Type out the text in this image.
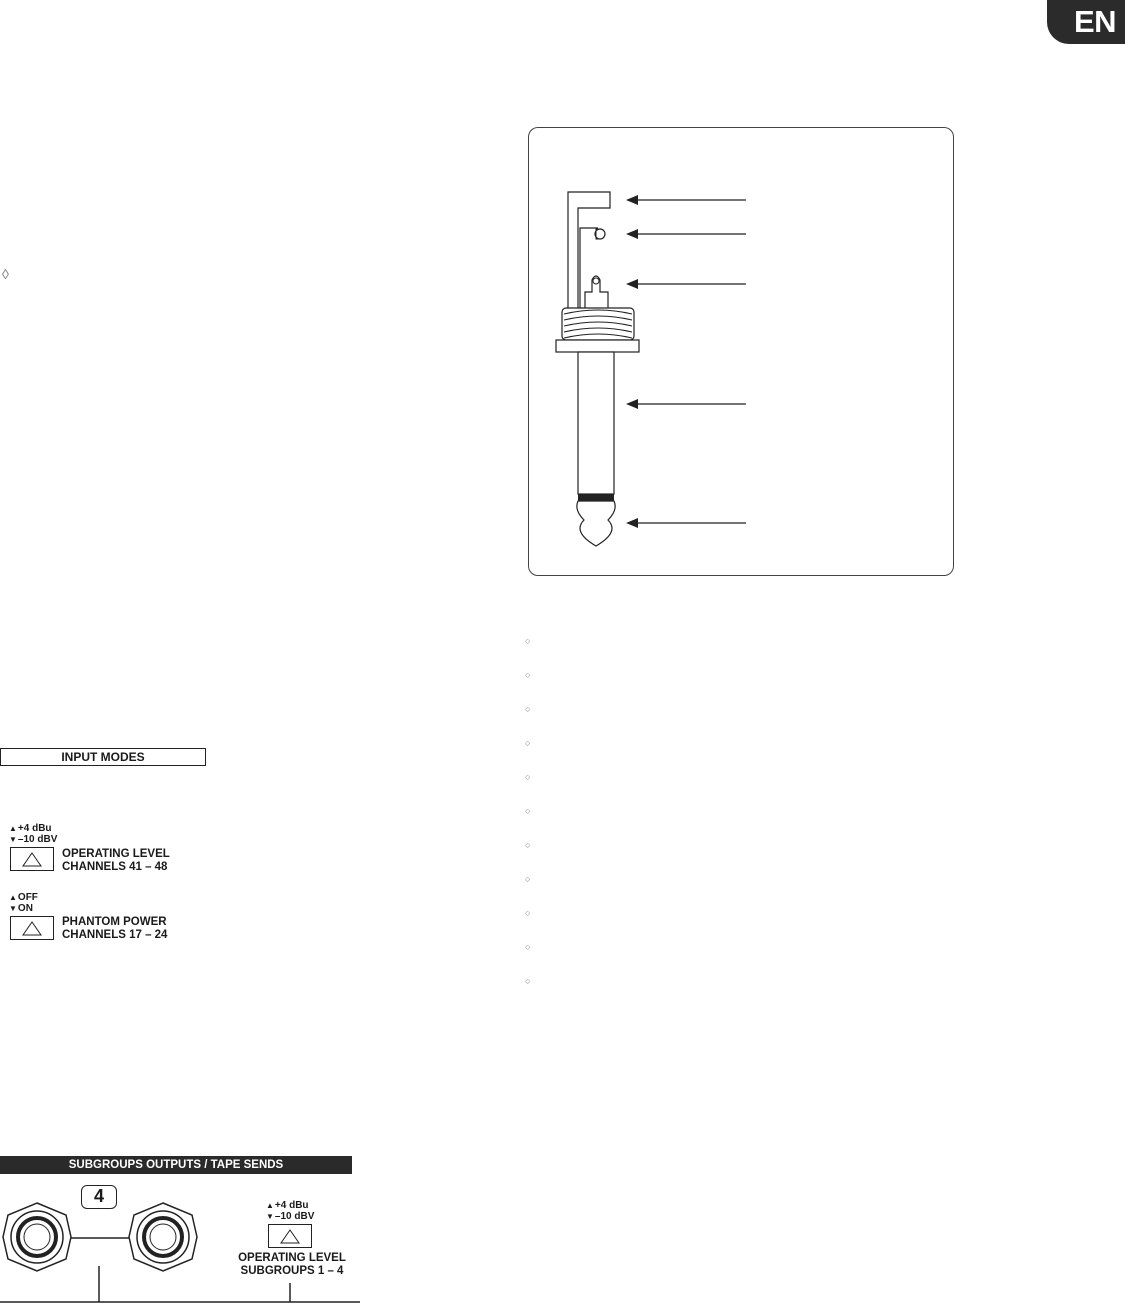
EN
◊
INPUT MODES
▲+4 dBu
▼–10 dBV
OPERATING LEVEL
CHANNELS 41 – 48
▲OFF
▼ON
PHANTOM POWER
CHANNELS 17 – 24
SUBGROUPS OUTPUTS / TAPE SENDS
4	▲+4 dBu
▼–10 dBV
OPERATING LEVEL
SUBGROUPS 1 – 4
○
○
○
○
○
○
○
○
○
○
○
